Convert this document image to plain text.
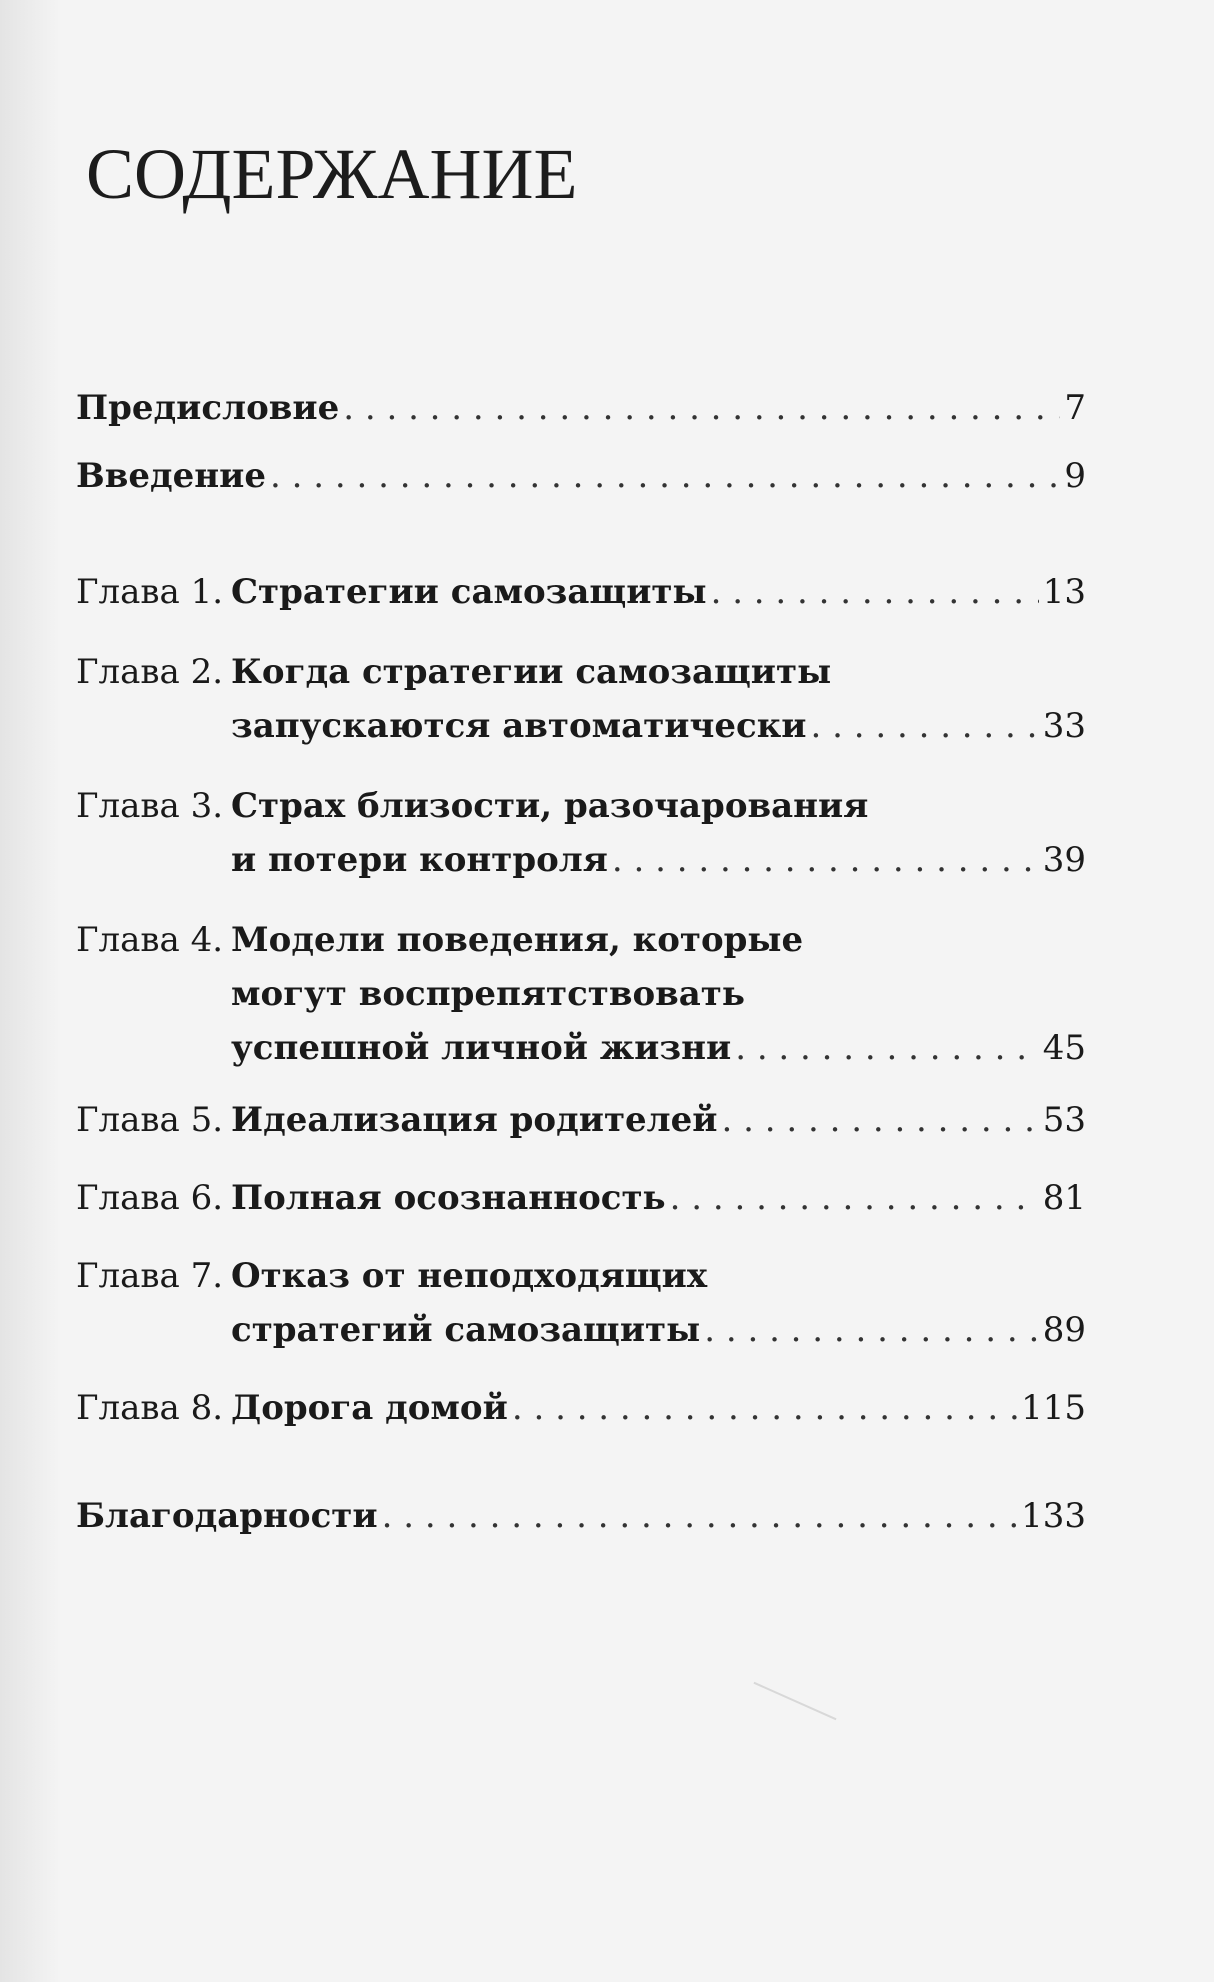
СОДЕРЖАНИЕ
Предисловие . . .	7
Введение . . .	9
Глава 1. Стратегии самозащиты . . .	13
Глава 2. Когда стратегии самозащиты
запускаются автоматически . . .	33
Глава 3. Страх близости, разочарования
и потери контроля . . .	39
Глава 4. Модели поведения, которые
могут воспрепятствовать
успешной личной жизни . . .	45
Глава 5. Идеализация родителей . . .	53
Глава 6. Полная осознанность . . .	81
Глава 7. Отказ от неподходящих
стратегий самозащиты . . .	89
Глава 8. Дорога домой . . .	115
Благодарности . . .	133
